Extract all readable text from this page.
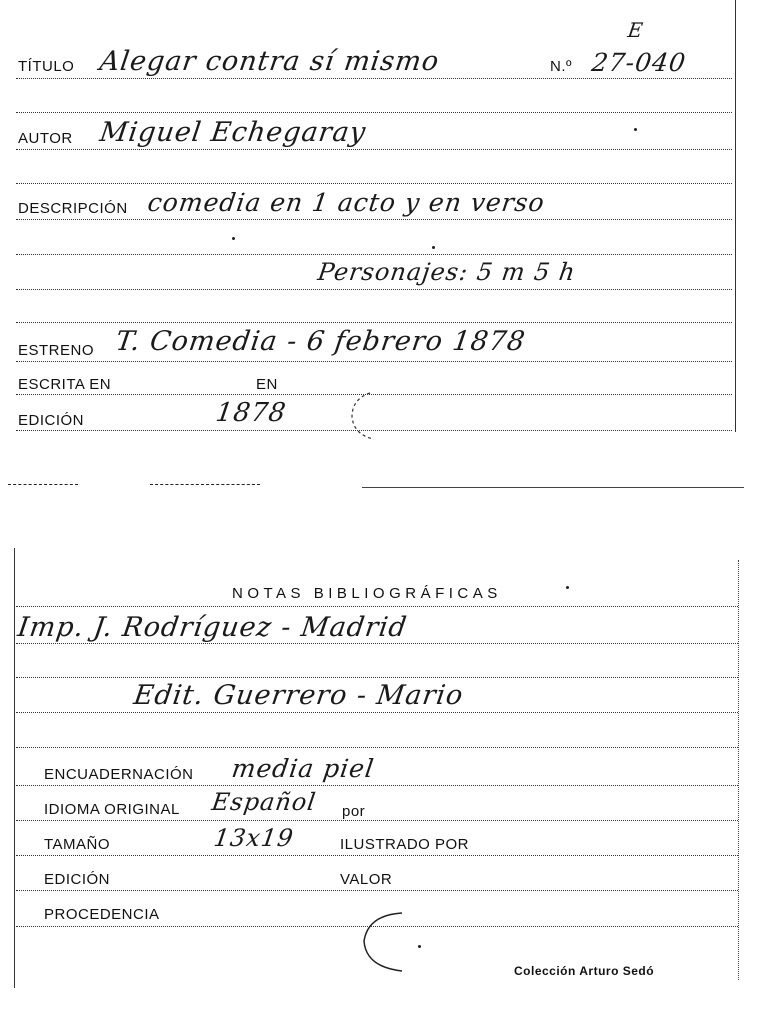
TÍTULO Alegar contra sí mismo	N.º 27-040
E
AUTOR Miguel Echegaray
DESCRIPCIÓN comedia en 1 acto y en verso
Personajes: 5 m 5 h
ESTRENO T. Comedia - 6 febrero 1878
ESCRITA EN	EN
EDICIÓN	1878
NOTAS BIBLIOGRÁFICAS
Imp. J. Rodríguez - Madrid
Edit. Guerrero - Mario
ENCUADERNACIÓN media piel
IDIOMA ORIGINAL Español por
TAMAÑO	13x19	ILUSTRADO POR
EDICIÓN	VALOR
PROCEDENCIA
Colección Arturo Sedó
